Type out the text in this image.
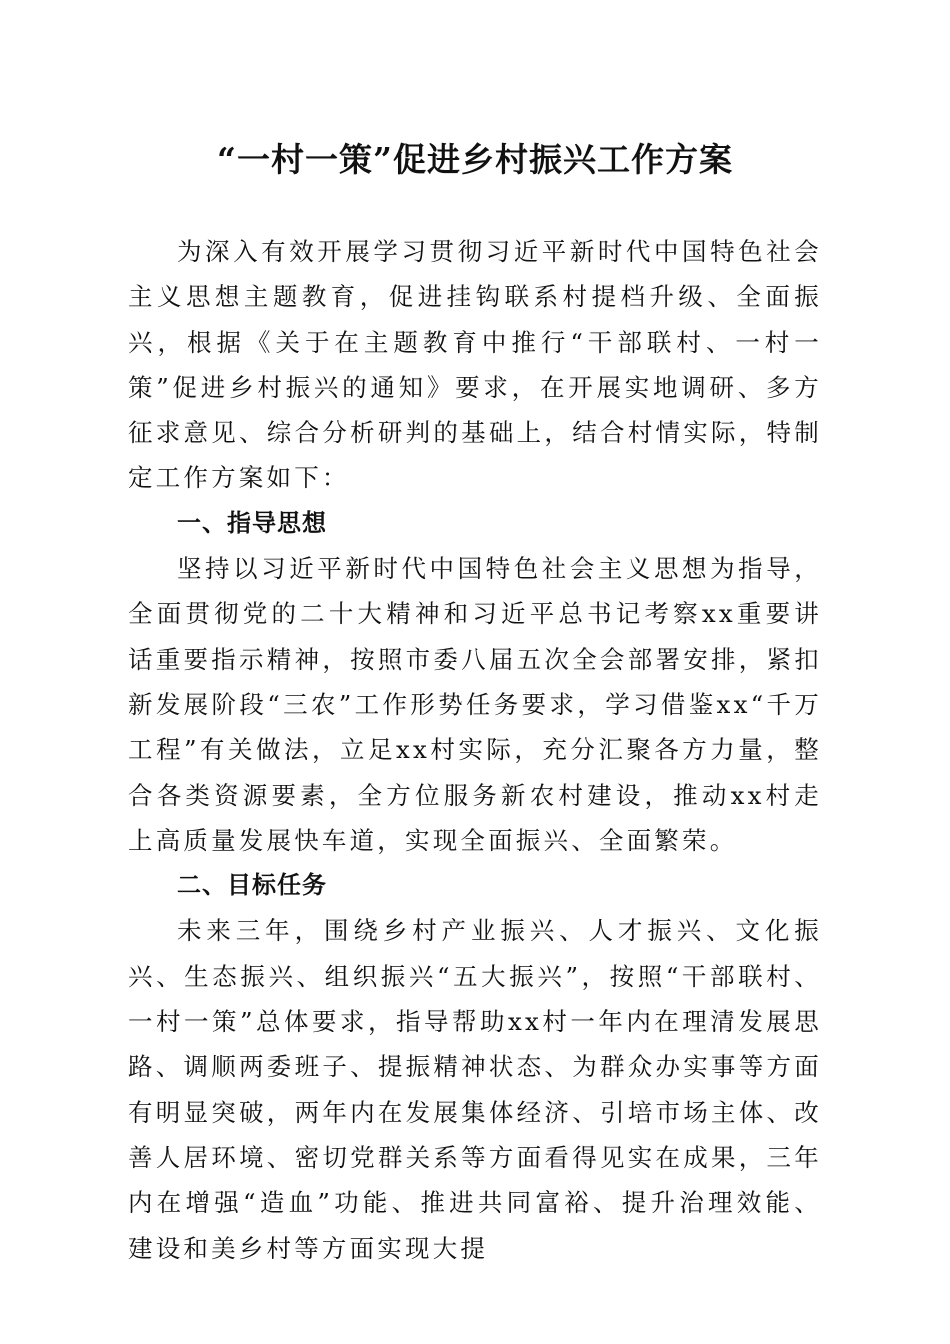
“一村一策”促进乡村振兴工作方案

为深入有效开展学习贯彻习近平新时代中国特色社会主义思想主题教育，促进挂钩联系村提档升级、全面振兴，根据《关于在主题教育中推行“干部联村、一村一策”促进乡村振兴的通知》要求，在开展实地调研、多方征求意见、综合分析研判的基础上，结合村情实际，特制定工作方案如下：

一、指导思想

坚持以习近平新时代中国特色社会主义思想为指导，全面贯彻党的二十大精神和习近平总书记考察xx重要讲话重要指示精神，按照市委八届五次全会部署安排，紧扣新发展阶段“三农”工作形势任务要求，学习借鉴xx“千万工程”有关做法，立足xx村实际，充分汇聚各方力量，整合各类资源要素，全方位服务新农村建设，推动xx村走上高质量发展快车道，实现全面振兴、全面繁荣。

二、目标任务

未来三年，围绕乡村产业振兴、人才振兴、文化振兴、生态振兴、组织振兴“五大振兴”，按照“干部联村、一村一策”总体要求，指导帮助xx村一年内在理清发展思路、调顺两委班子、提振精神状态、为群众办实事等方面有明显突破，两年内在发展集体经济、引培市场主体、改善人居环境、密切党群关系等方面看得见实在成果，三年内在增强“造血”功能、推进共同富裕、提升治理效能、建设和美乡村等方面实现大提
